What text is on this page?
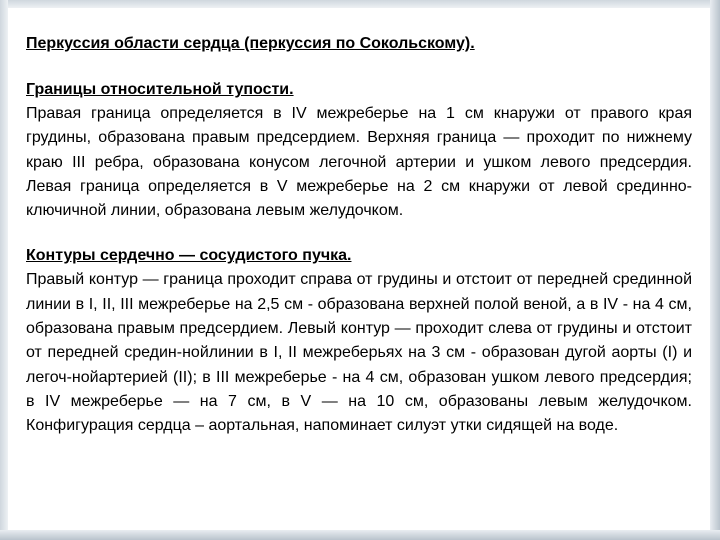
Перкуссия области сердца (перкуссия по Сокольскому).
Границы относительной тупости.
Правая граница определяется в IV межреберье на 1 см кнаружи от правого края грудины, образована правым предсердием. Верхняя граница — проходит по нижнему краю III ребра, образована конусом легочной артерии и ушком левого предсердия. Левая граница определяется в V межреберье на 2 см кнаружи от левой срединно-ключичной линии, образована левым желудочком.
Контуры сердечно — сосудистого пучка.
Правый контур — граница проходит справа от грудины и отстоит от передней срединной линии в I, II, III межреберье на 2,5 см - образована верхней полой веной, а в IV - на 4 см, образована правым предсердием. Левый контур — проходит слева от грудины и отстоит от передней средин-нойлинии в I, II межреберьях на 3 см - образован дугой аорты (I) и легоч-нойартерией (II); в III межреберье - на 4 см, образован ушком левого предсердия; в IV межреберье — на 7 см, в V — на 10 см, образованы левым желудочком. Конфигурация сердца – аортальная, напоминает силуэт утки сидящей на воде.
